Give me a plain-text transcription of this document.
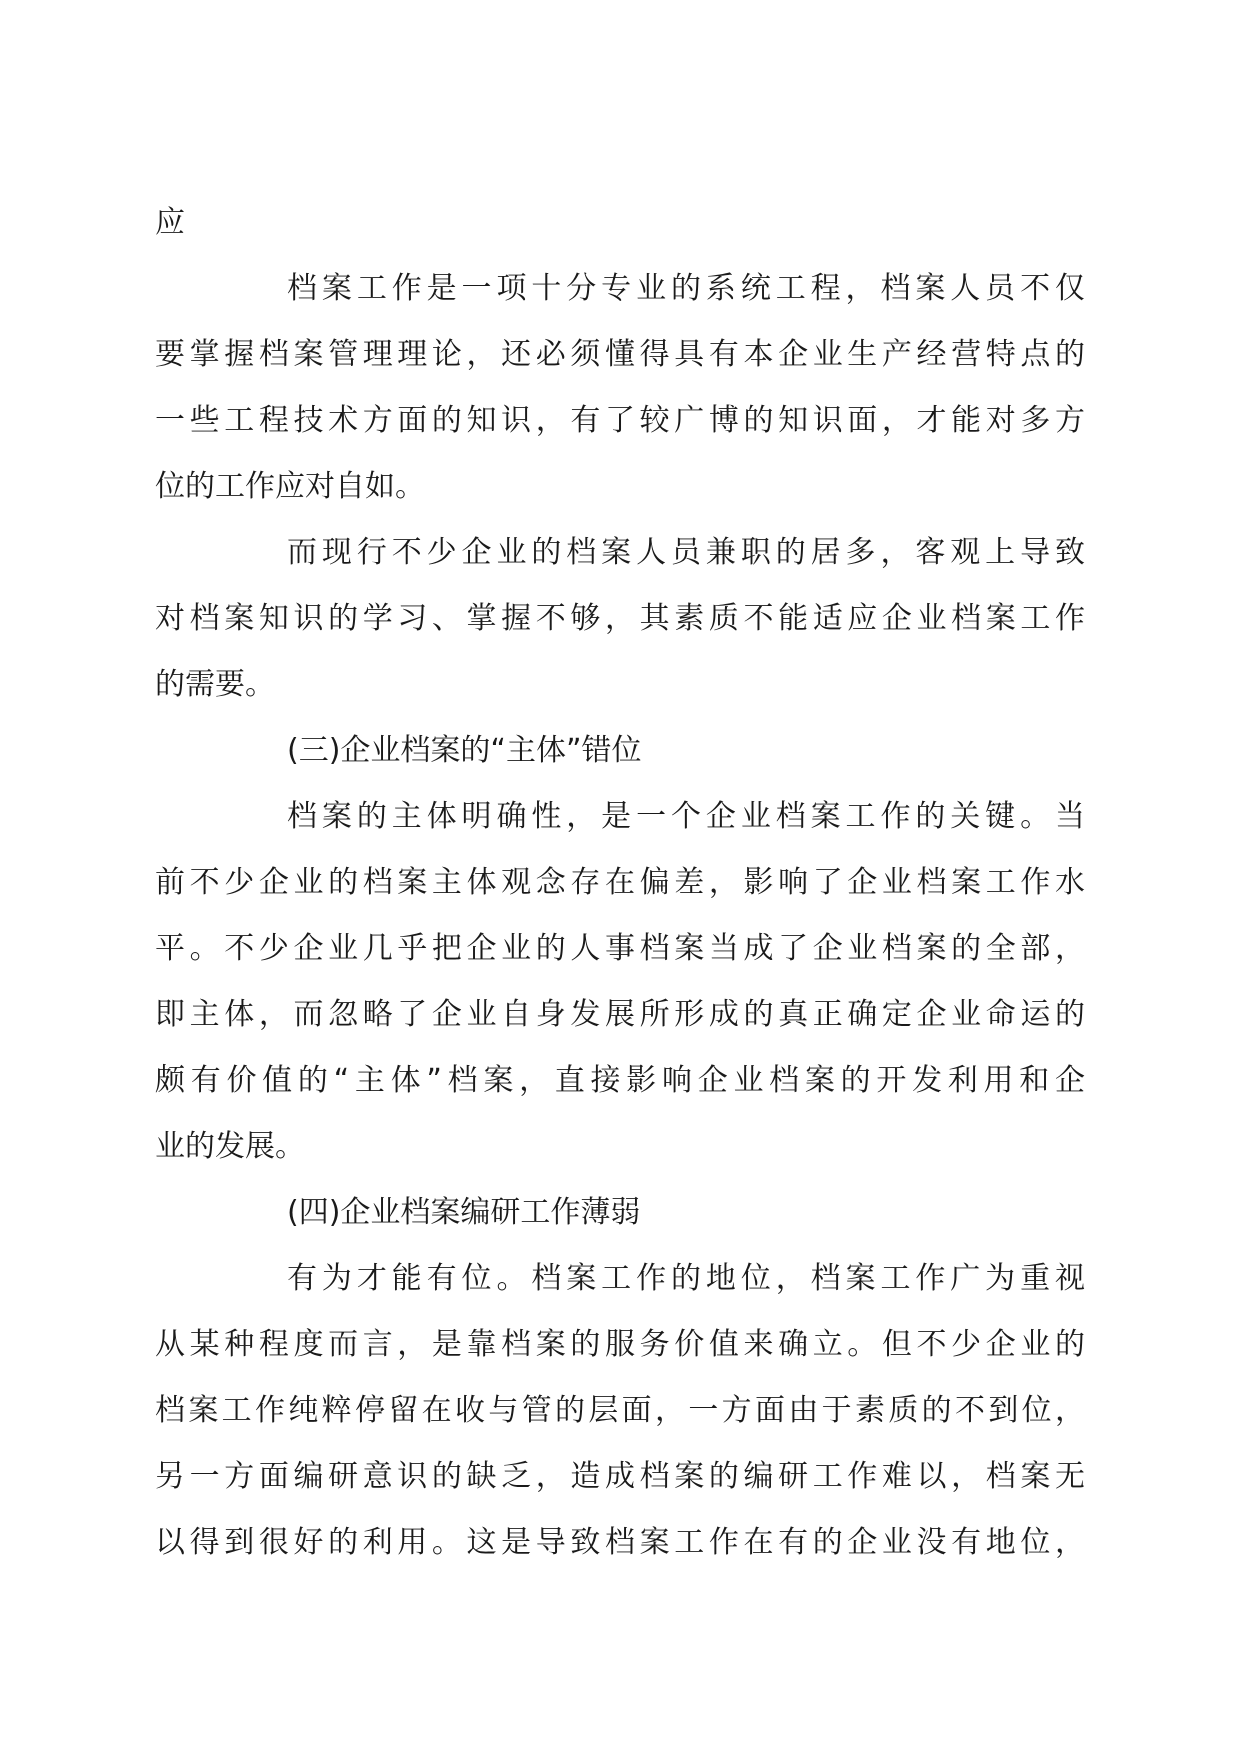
应
档案工作是一项十分专业的系统工程，档案人员不仅
要掌握档案管理理论，还必须懂得具有本企业生产经营特点的
一些工程技术方面的知识，有了较广博的知识面，才能对多方
位的工作应对自如。
而现行不少企业的档案人员兼职的居多，客观上导致
对档案知识的学习、掌握不够，其素质不能适应企业档案工作
的需要。
(三)企业档案的“主体”错位
档案的主体明确性，是一个企业档案工作的关键。当
前不少企业的档案主体观念存在偏差，影响了企业档案工作水
平。不少企业几乎把企业的人事档案当成了企业档案的全部，
即主体，而忽略了企业自身发展所形成的真正确定企业命运的
颇有价值的“主体”档案，直接影响企业档案的开发利用和企
业的发展。
(四)企业档案编研工作薄弱
有为才能有位。档案工作的地位，档案工作广为重视
从某种程度而言，是靠档案的服务价值来确立。但不少企业的
档案工作纯粹停留在收与管的层面，一方面由于素质的不到位，
另一方面编研意识的缺乏，造成档案的编研工作难以，档案无
以得到很好的利用。这是导致档案工作在有的企业没有地位，
